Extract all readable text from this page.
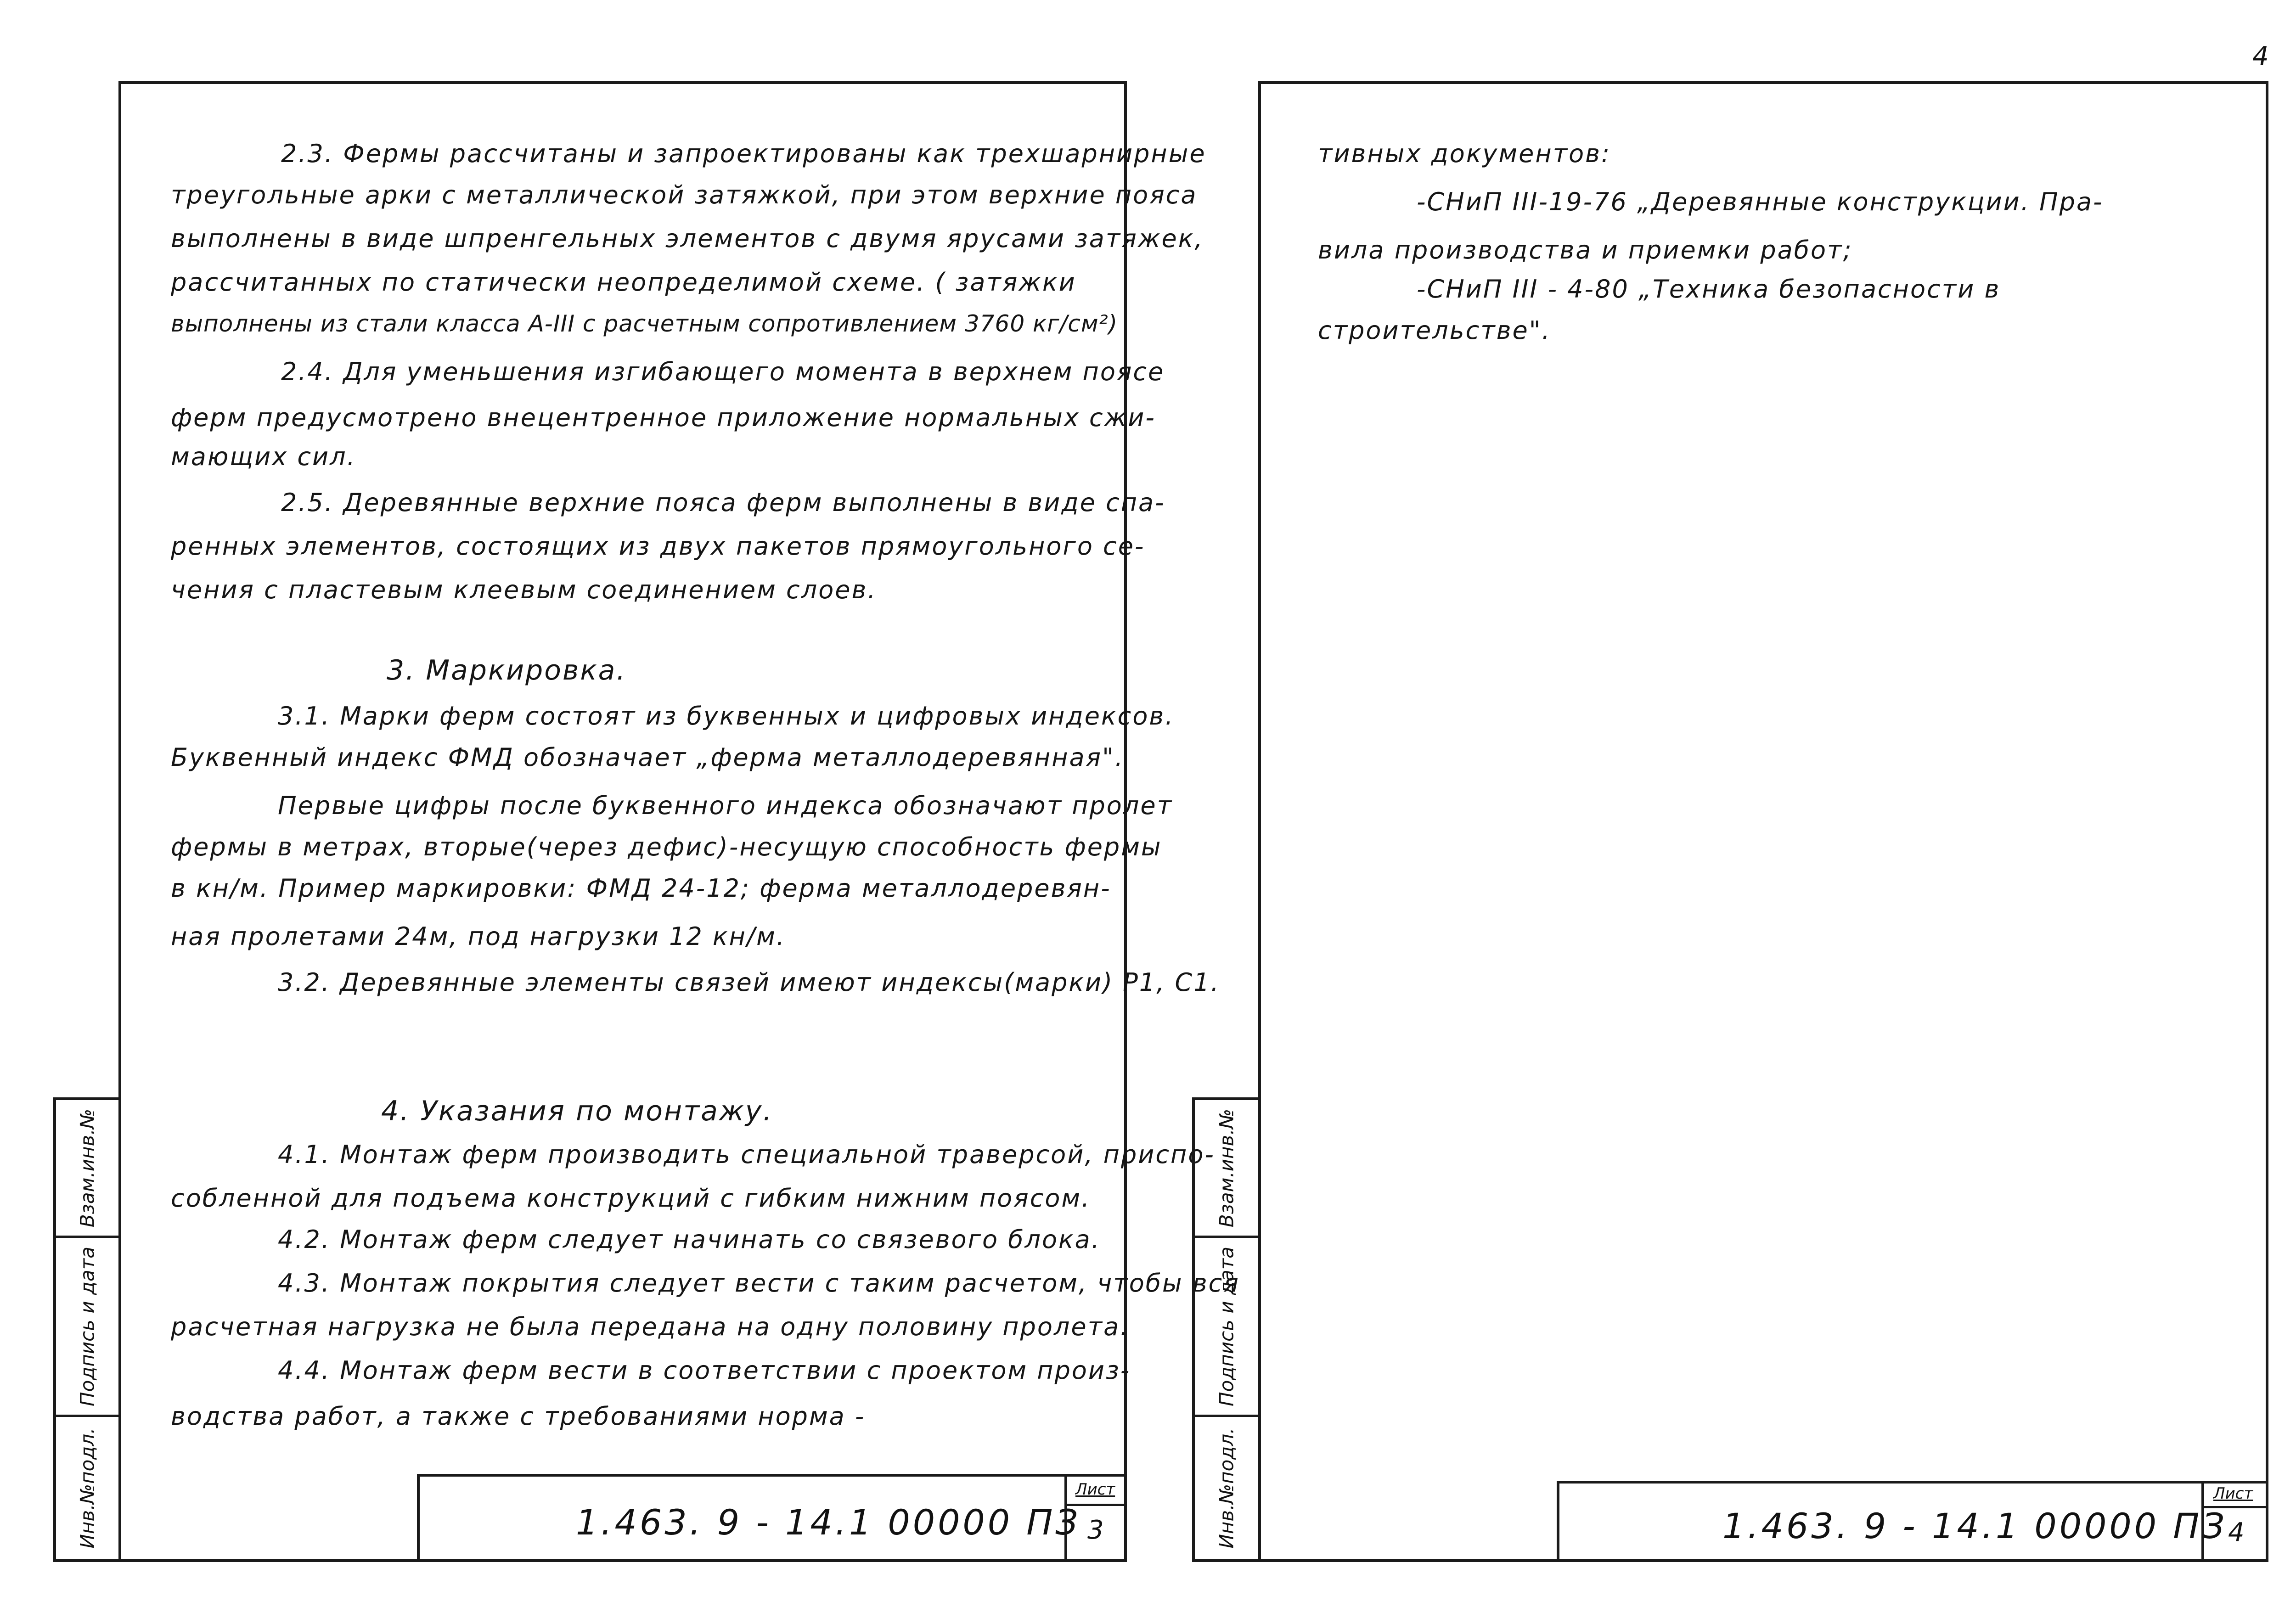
4
2.3. Фермы рассчитаны и запроектированы как трехшарнирные
треугольные арки с металлической затяжкой, при этом верхние пояса
выполнены в виде шпренгельных элементов с двумя ярусами затяжек,
рассчитанных по статически неопределимой схеме. ( затяжки
выполнены из стали класса А-III с расчетным сопротивлением 3760 кг/см²)
2.4. Для уменьшения изгибающего момента в верхнем поясе
ферм предусмотрено внецентренное приложение нормальных сжи-
мающих сил.
2.5. Деревянные верхние пояса ферм выполнены в виде спа-
ренных элементов, состоящих из двух пакетов прямоугольного се-
чения с пластевым клеевым соединением слоев.
3. Маркировка.
3.1. Марки ферм состоят из буквенных и цифровых индексов.
Буквенный индекс ФМД обозначает „ферма металлодеревянная".
Первые цифры после буквенного индекса обозначают пролет
фермы в метрах, вторые(через дефис)-несущую способность фермы
в кн/м. Пример маркировки: ФМД 24-12; ферма металлодеревян-
ная пролетами 24м, под нагрузки 12 кн/м.
3.2. Деревянные элементы связей имеют индексы(марки) Р1, С1.
4. Указания по монтажу.
4.1. Монтаж ферм производить специальной траверсой, приспо-
собленной для подъема конструкций с гибким нижним поясом.
4.2. Монтаж ферм следует начинать со связевого блока.
4.3. Монтаж покрытия следует вести с таким расчетом, чтобы вся
расчетная нагрузка не была передана на одну половину пролета.
4.4. Монтаж ферм вести в соответствии с проектом произ-
водства работ, а также с требованиями норма -
1.463. 9 - 14.1 00000 ПЗ
Лист
3
Взам.инв.№
Подпись и дата
Инв.№подл.
тивных документов:
-СНиП III-19-76 „Деревянные конструкции. Пра-
вила производства и приемки работ;
-СНиП III - 4-80 „Техника безопасности в
строительстве".
1.463. 9 - 14.1 00000 ПЗ
Лист
4
Взам.инв.№
Подпись и дата
Инв.№подл.
